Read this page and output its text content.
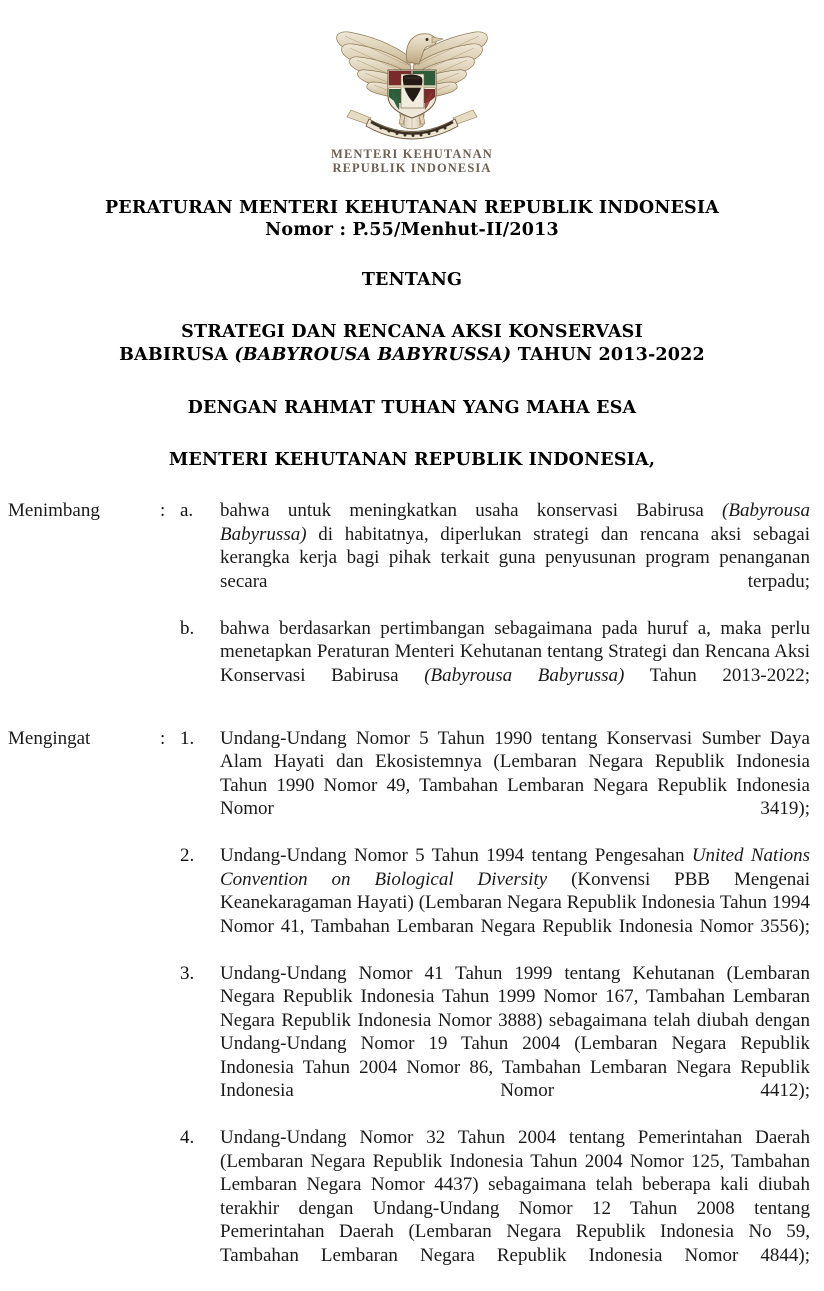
MENTERI KEHUTANAN
REPUBLIK INDONESIA
PERATURAN MENTERI KEHUTANAN REPUBLIK INDONESIA
Nomor : P.55/Menhut-II/2013
TENTANG
STRATEGI DAN RENCANA AKSI KONSERVASI
BABIRUSA (BABYROUSA BABYRUSSA) TAHUN 2013-2022
DENGAN RAHMAT TUHAN YANG MAHA ESA
MENTERI KEHUTANAN REPUBLIK INDONESIA,
Menimbang	: a.	bahwa untuk meningkatkan usaha konservasi Babirusa (Babyrousa Babyrussa) di habitatnya, diperlukan strategi dan rencana aksi sebagai kerangka kerja bagi pihak terkait guna penyusunan program penanganan secara terpadu;
b.	bahwa berdasarkan pertimbangan sebagaimana pada huruf a, maka perlu menetapkan Peraturan Menteri Kehutanan tentang Strategi dan Rencana Aksi Konservasi Babirusa (Babyrousa Babyrussa) Tahun 2013-2022;
Mengingat	: 1.	Undang-Undang Nomor 5 Tahun 1990 tentang Konservasi Sumber Daya Alam Hayati dan Ekosistemnya (Lembaran Negara Republik Indonesia Tahun 1990 Nomor 49, Tambahan Lembaran Negara Republik Indonesia Nomor 3419);
2.	Undang-Undang Nomor 5 Tahun 1994 tentang Pengesahan United Nations Convention on Biological Diversity (Konvensi PBB Mengenai Keanekaragaman Hayati) (Lembaran Negara Republik Indonesia Tahun 1994 Nomor 41, Tambahan Lembaran Negara Republik Indonesia Nomor 3556);
3.	Undang-Undang Nomor 41 Tahun 1999 tentang Kehutanan (Lembaran Negara Republik Indonesia Tahun 1999 Nomor 167, Tambahan Lembaran Negara Republik Indonesia Nomor 3888) sebagaimana telah diubah dengan Undang-Undang Nomor 19 Tahun 2004 (Lembaran Negara Republik Indonesia Tahun 2004 Nomor 86, Tambahan Lembaran Negara Republik Indonesia Nomor 4412);
4.	Undang-Undang Nomor 32 Tahun 2004 tentang Pemerintahan Daerah (Lembaran Negara Republik Indonesia Tahun 2004 Nomor 125, Tambahan Lembaran Negara Nomor 4437) sebagaimana telah beberapa kali diubah terakhir dengan Undang-Undang Nomor 12 Tahun 2008 tentang Pemerintahan Daerah (Lembaran Negara Republik Indonesia No 59, Tambahan Lembaran Negara Republik Indonesia Nomor 4844);
